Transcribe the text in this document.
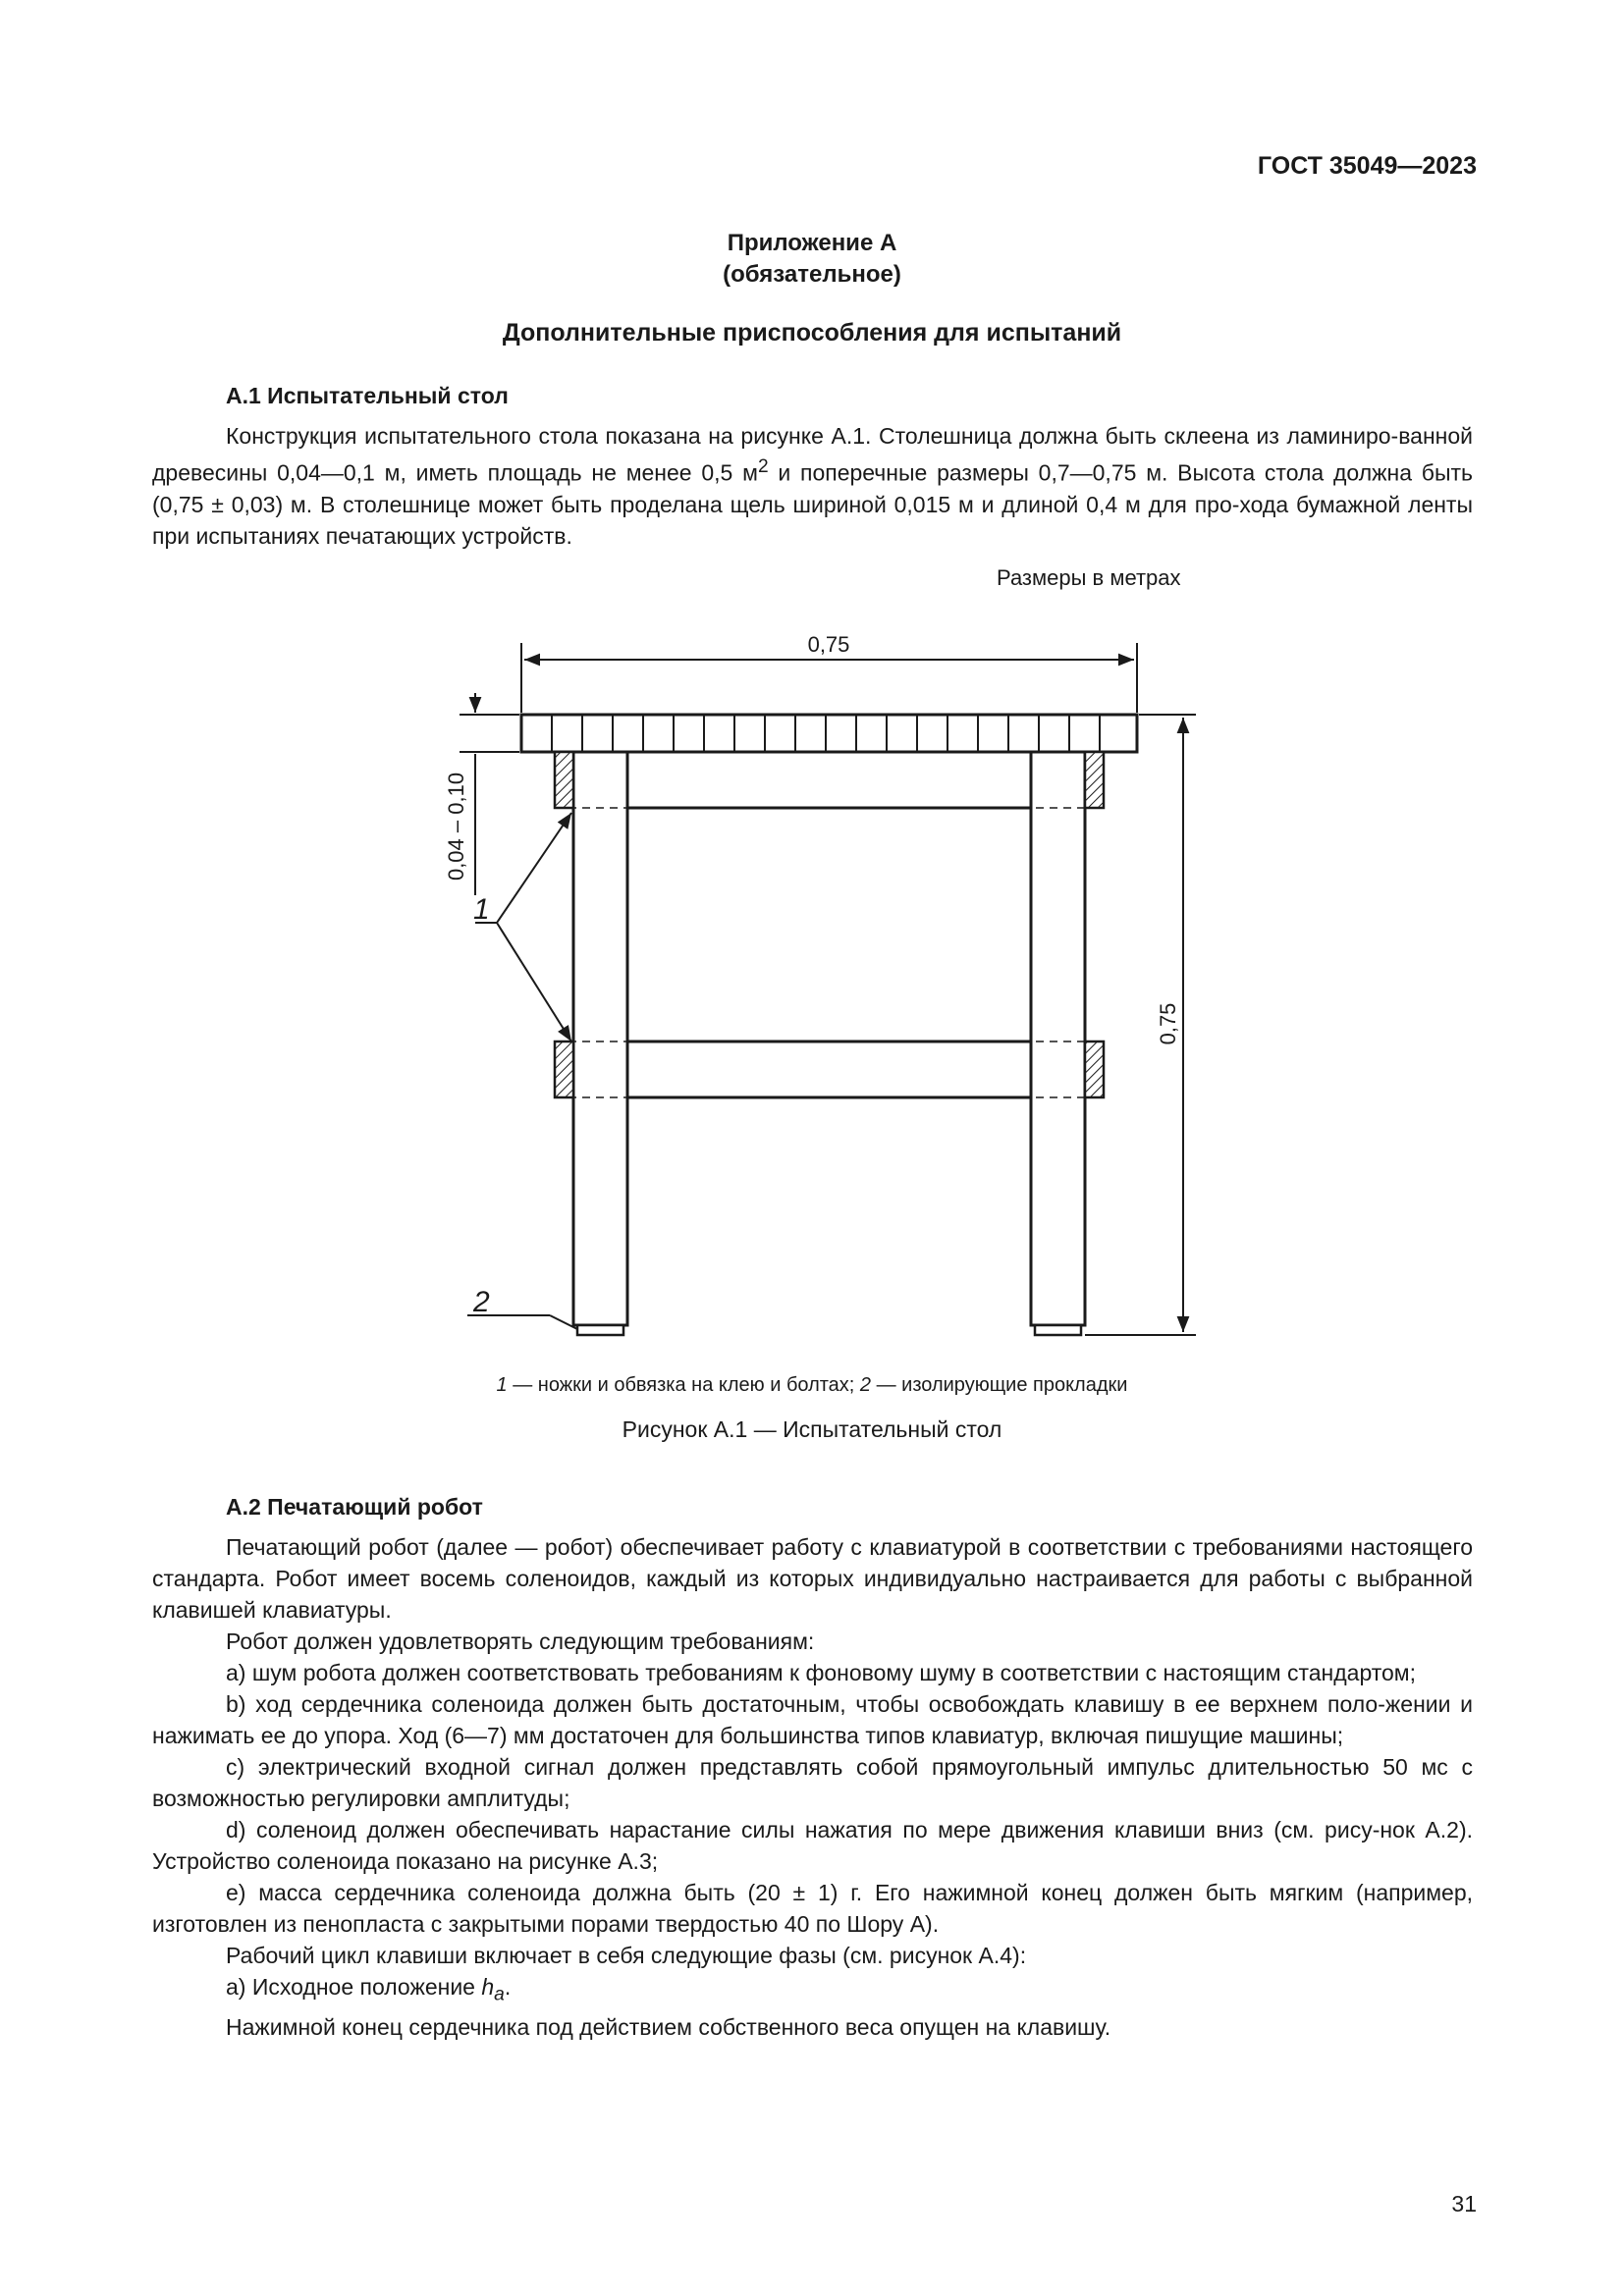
ГОСТ 35049—2023
Приложение А
(обязательное)
Дополнительные приспособления для испытаний
А.1 Испытательный стол

Конструкция испытательного стола показана на рисунке А.1. Столешница должна быть склеена из ламиниро-ванной древесины 0,04—0,1 м, иметь площадь не менее 0,5 $м^2$ и поперечные размеры 0,7—0,75 м. Высота стола должна быть (0,75 ± 0,03) м. В столешнице может быть проделана щель шириной 0,015 м и длиной 0,4 м для про-хода бумажной ленты при испытаниях печатающих устройств.

Размеры в метрах
0,75
0,04 – 0,10
0,75
1
2
1 — ножки и обвязка на клею и болтах; 2 — изолирующие прокладки
Рисунок А.1 — Испытательный стол
А.2 Печатающий робот

Печатающий робот (далее — робот) обеспечивает работу с клавиатурой в соответствии с требованиями настоящего стандарта. Робот имеет восемь соленоидов, каждый из которых индивидуально настраивается для работы с выбранной клавишей клавиатуры.

Робот должен удовлетворять следующим требованиям:

a) шум робота должен соответствовать требованиям к фоновому шуму в соответствии с настоящим стандартом;

b) ход сердечника соленоида должен быть достаточным, чтобы освобождать клавишу в ее верхнем поло-жении и нажимать ее до упора. Ход (6—7) мм достаточен для большинства типов клавиатур, включая пишущие машины;

c) электрический входной сигнал должен представлять собой прямоугольный импульс длительностью 50 мс с возможностью регулировки амплитуды;

d) соленоид должен обеспечивать нарастание силы нажатия по мере движения клавиши вниз (см. рису-нок А.2). Устройство соленоида показано на рисунке А.3;

e) масса сердечника соленоида должна быть (20 ± 1) г. Его нажимной конец должен быть мягким (например, изготовлен из пенопласта с закрытыми порами твердостью 40 по Шору А).

Рабочий цикл клавиши включает в себя следующие фазы (см. рисунок А.4):

а) Исходное положение $h_a$.

Нажимной конец сердечника под действием собственного веса опущен на клавишу.

31
